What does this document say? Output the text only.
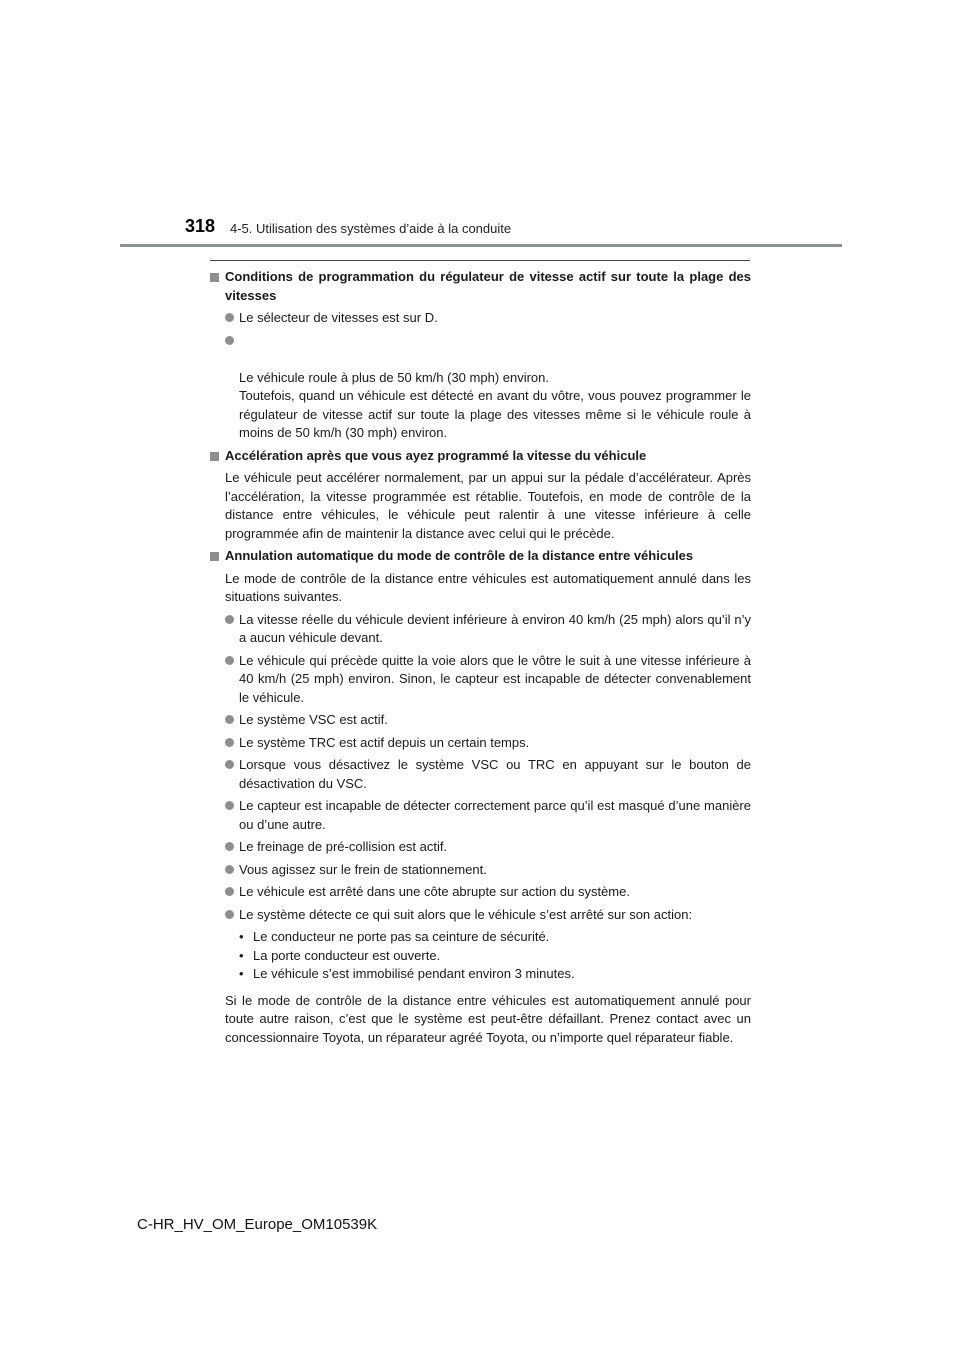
318 4-5. Utilisation des systèmes d’aide à la conduite

Conditions de programmation du régulateur de vitesse actif sur toute la plage des vitesses

Le sélecteur de vitesses est sur D.

Le véhicule roule à plus de 50 km/h (30 mph) environ.
Toutefois, quand un véhicule est détecté en avant du vôtre, vous pouvez programmer le régulateur de vitesse actif sur toute la plage des vitesses même si le véhicule roule à moins de 50 km/h (30 mph) environ.

Accélération après que vous ayez programmé la vitesse du véhicule

Le véhicule peut accélérer normalement, par un appui sur la pédale d’accélérateur. Après l’accélération, la vitesse programmée est rétablie. Toutefois, en mode de contrôle de la distance entre véhicules, le véhicule peut ralentir à une vitesse inférieure à celle programmée afin de maintenir la distance avec celui qui le précède.

Annulation automatique du mode de contrôle de la distance entre véhicules

Le mode de contrôle de la distance entre véhicules est automatiquement annulé dans les situations suivantes.

La vitesse réelle du véhicule devient inférieure à environ 40 km/h (25 mph) alors qu’il n’y a aucun véhicule devant.

Le véhicule qui précède quitte la voie alors que le vôtre le suit à une vitesse inférieure à 40 km/h (25 mph) environ. Sinon, le capteur est incapable de détecter convenablement le véhicule.

Le système VSC est actif.

Le système TRC est actif depuis un certain temps.

Lorsque vous désactivez le système VSC ou TRC en appuyant sur le bouton de désactivation du VSC.

Le capteur est incapable de détecter correctement parce qu’il est masqué d’une manière ou d’une autre.

Le freinage de pré-collision est actif.

Vous agissez sur le frein de stationnement.

Le véhicule est arrêté dans une côte abrupte sur action du système.

Le système détecte ce qui suit alors que le véhicule s’est arrêté sur son action:

• Le conducteur ne porte pas sa ceinture de sécurité.

• La porte conducteur est ouverte.

• Le véhicule s’est immobilisé pendant environ 3 minutes.

Si le mode de contrôle de la distance entre véhicules est automatiquement annulé pour toute autre raison, c’est que le système est peut-être défaillant. Prenez contact avec un concessionnaire Toyota, un réparateur agréé Toyota, ou n’importe quel réparateur fiable.

C-HR_HV_OM_Europe_OM10539K
